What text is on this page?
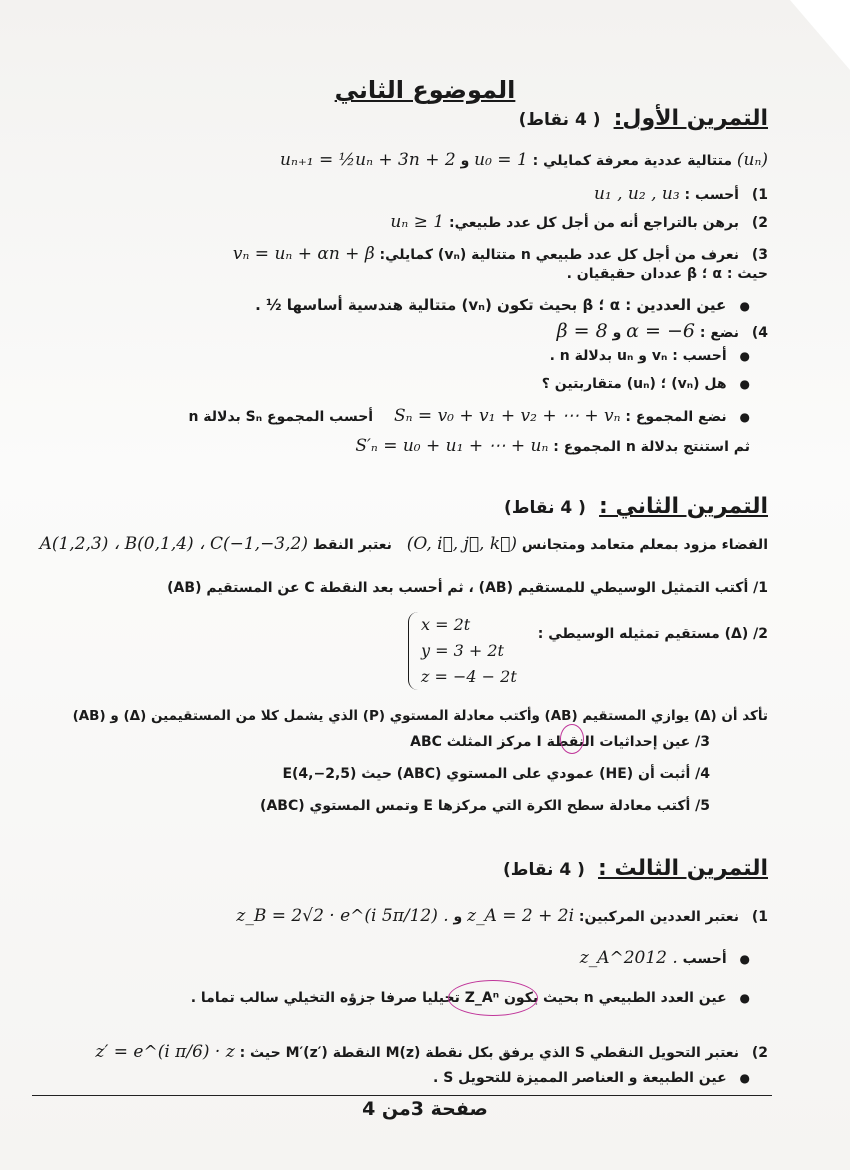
الموضوع الثاني
التمرين الأول: ( 4 نقاط)
(uₙ) متتالية عددية معرفة كمايلي : u₀ = 1 و uₙ₊₁ = ½uₙ + 3n + 2
1) أحسب : u₁ , u₂ , u₃
2) برهن بالتراجع أنه من أجل كل عدد طبيعي: uₙ ≥ 1
3) نعرف من أجل كل عدد طبيعي n متتالية (vₙ) كمايلي: vₙ = uₙ + αn + β
حيث : α ؛ β عددان حقيقيان .
● عين العددين : α ؛ β بحيث تكون (vₙ) متتالية هندسية أساسها ½ .
4) نضع : α = −6 و β = 8
● أحسب : vₙ و uₙ بدلالة n .
● هل (vₙ) ؛ (uₙ) متقاربتين ؟
● نضع المجموع : Sₙ = v₀ + v₁ + v₂ + ⋯ + vₙ أحسب المجموع Sₙ بدلالة n
ثم استنتج بدلالة n المجموع : S′ₙ = u₀ + u₁ + ⋯ + uₙ
التمرين الثاني : ( 4 نقاط)
الفضاء مزود بمعلم متعامد ومتجانس (O, i⃗, j⃗, k⃗) نعتبر النقط A(1,2,3) ، B(0,1,4) ، C(−1,−3,2)
1/ أكتب التمثيل الوسيطي للمستقيم (AB) ، ثم أحسب بعد النقطة C عن المستقيم (AB)
2/ (Δ) مستقيم تمثيله الوسيطي :
x = 2t
y = 3 + 2t
z = −4 − 2t
تأكد أن (Δ) يوازي المستقيم (AB) وأكتب معادلة المستوي (P) الذي يشمل كلا من المستقيمين (Δ) و (AB)
3/ عين إحداثيات النقطة I مركز المثلث ABC
4/ أثبت أن (HE) عمودي على المستوي (ABC) حيث E(4,−2,5)
5/ أكتب معادلة سطح الكرة التي مركزها E وتمس المستوي (ABC)
التمرين الثالث : ( 4 نقاط)
1) نعتبر العددين المركبين: z_A = 2 + 2i و z_B = 2√2 · e^(i 5π/12) .
● أحسب z_A^2012 .
● عين العدد الطبيعي n بحيث يكون Z_Aⁿ تخيليا صرفا جزؤه التخيلي سالب تماما .
2) نعتبر التحويل النقطي S الذي يرفق بكل نقطة M(z) النقطة M′(z′) حيث : z′ = e^(i π/6) · z
● عين الطبيعة و العناصر المميزة للتحويل S .
صفحة 3من 4
